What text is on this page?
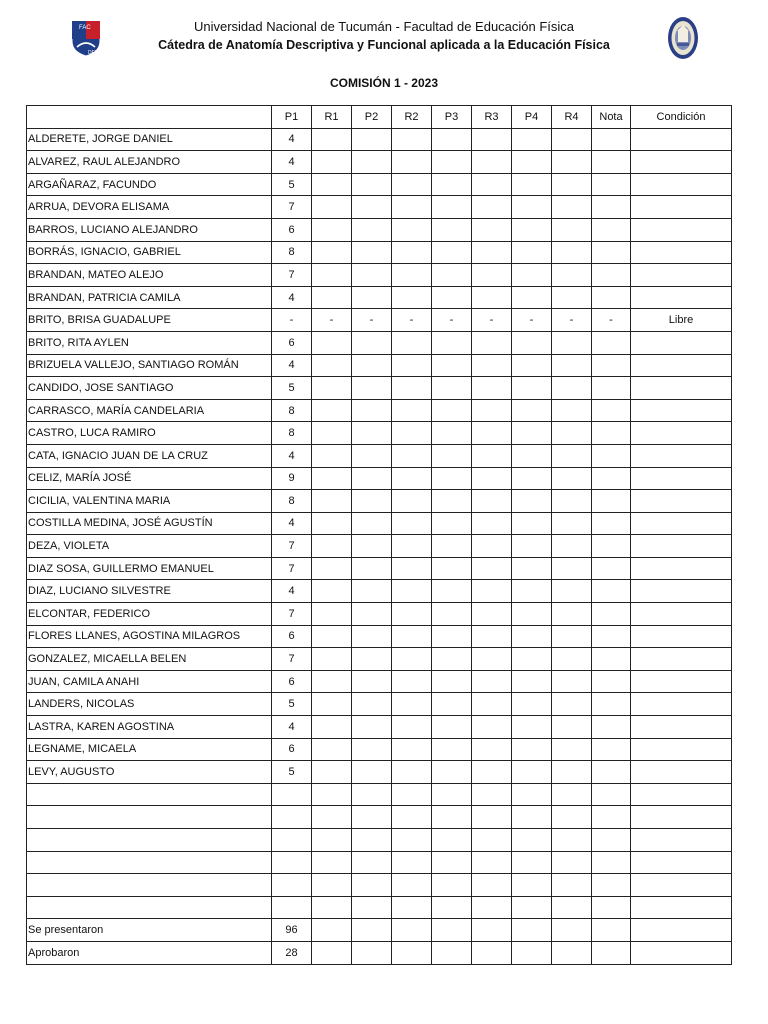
Universidad Nacional de Tucumán - Facultad de Educación Física
Cátedra de Anatomía Descriptiva y Funcional aplicada a la Educación Física
FAC
DEF
COMISIÓN 1 - 2023
	P1	R1	P2	R2	P3	R3	P4	R4	Nota	Condición
ALDERETE, JORGE DANIEL	4									
ALVAREZ, RAUL ALEJANDRO	4									
ARGAÑARAZ, FACUNDO	5									
ARRUA, DEVORA ELISAMA	7									
BARROS, LUCIANO ALEJANDRO	6									
BORRÁS, IGNACIO, GABRIEL	8									
BRANDAN, MATEO ALEJO	7									
BRANDAN, PATRICIA CAMILA	4									
BRITO, BRISA GUADALUPE	-	-	-	-	-	-	-	-	-	Libre
BRITO, RITA AYLEN	6									
BRIZUELA VALLEJO, SANTIAGO ROMÁN	4									
CANDIDO, JOSE SANTIAGO	5									
CARRASCO, MARÍA CANDELARIA	8									
CASTRO, LUCA RAMIRO	8									
CATA, IGNACIO JUAN DE LA CRUZ	4									
CELIZ, MARÍA JOSÉ	9									
CICILIA, VALENTINA MARIA	8									
COSTILLA MEDINA, JOSÉ AGUSTÍN	4									
DEZA, VIOLETA	7									
DIAZ SOSA, GUILLERMO EMANUEL	7									
DIAZ, LUCIANO SILVESTRE	4									
ELCONTAR, FEDERICO	7									
FLORES LLANES, AGOSTINA MILAGROS	6									
GONZALEZ, MICAELLA BELEN	7									
JUAN, CAMILA ANAHI	6									
LANDERS, NICOLAS	5									
LASTRA, KAREN AGOSTINA	4									
LEGNAME, MICAELA	6									
LEVY, AUGUSTO	5									

Se presentaron	96									
Aprobaron	28									
